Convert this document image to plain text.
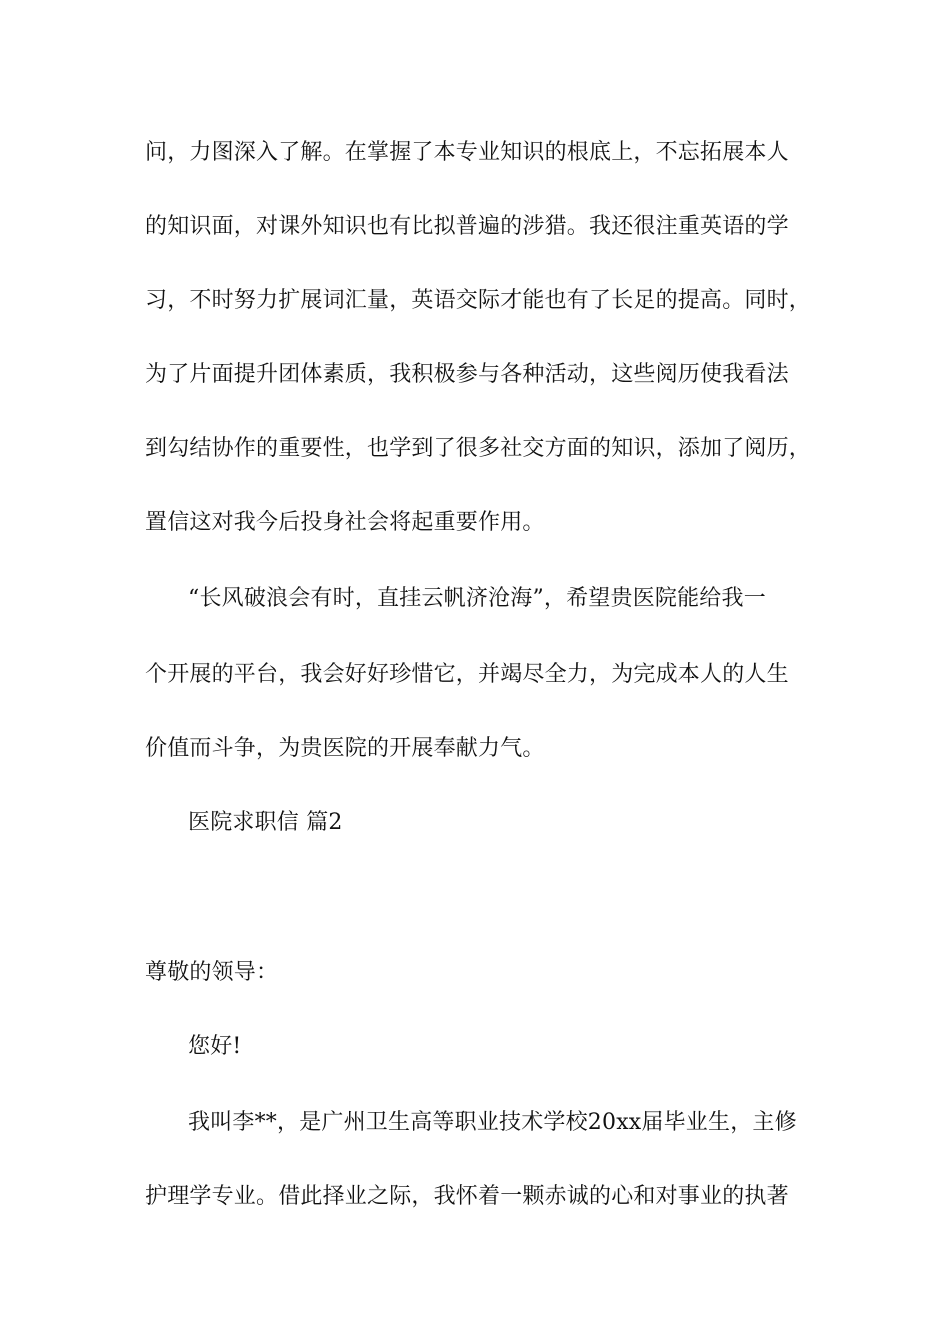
问，力图深入了解。在掌握了本专业知识的根底上，不忘拓展本人
的知识面，对课外知识也有比拟普遍的涉猎。我还很注重英语的学
习，不时努力扩展词汇量，英语交际才能也有了长足的提高。同时，
为了片面提升团体素质，我积极参与各种活动，这些阅历使我看法
到勾结协作的重要性，也学到了很多社交方面的知识，添加了阅历，
置信这对我今后投身社会将起重要作用。
“长风破浪会有时，直挂云帆济沧海”，希望贵医院能给我一
个开展的平台，我会好好珍惜它，并竭尽全力，为完成本人的人生
价值而斗争，为贵医院的开展奉献力气。
医院求职信 篇2
尊敬的领导：
您好!
我叫李**，是广州卫生高等职业技术学校20xx届毕业生，主修
护理学专业。借此择业之际，我怀着一颗赤诚的心和对事业的执著
